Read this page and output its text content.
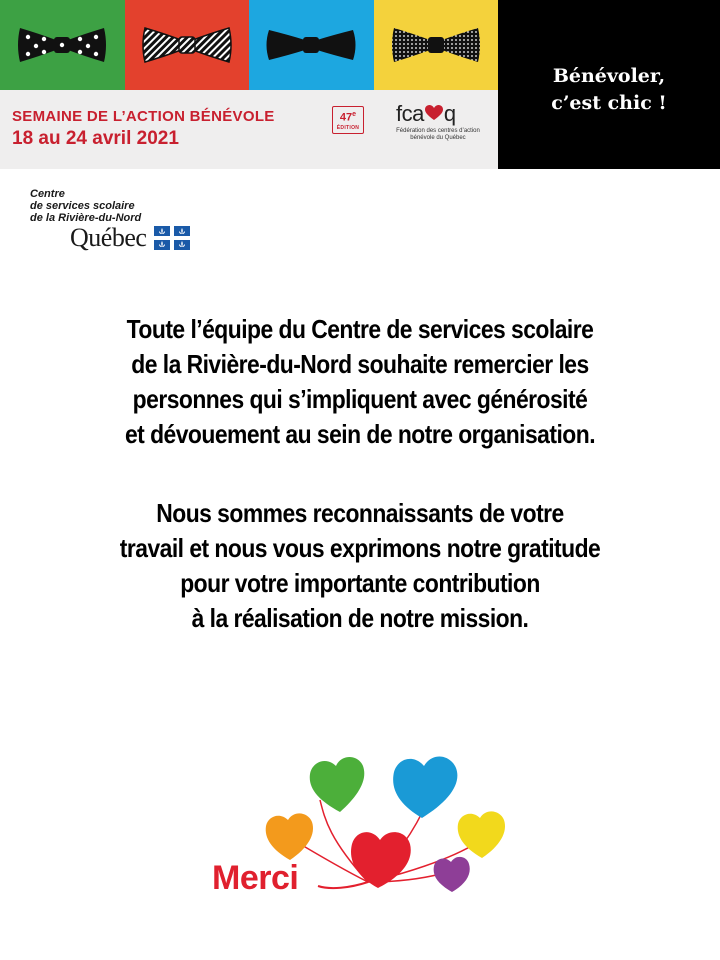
SEMAINE DE L’ACTION BÉNÉVOLE
18 au 24 avril 2021
47e
ÉDITION
fca q
Fédération des centres d’action bénévole du Québec
Bénévoler,
c’est chic !
Centre
de services scolaire
de la Rivière-du-Nord
Québec

Toute l’équipe du Centre de services scolaire
de la Rivière-du-Nord souhaite remercier les
personnes qui s’impliquent avec générosité
et dévouement au sein de notre organisation.

Nous sommes reconnaissants de votre
travail et nous vous exprimons notre gratitude
pour votre importante contribution
à la réalisation de notre mission.

Merci
